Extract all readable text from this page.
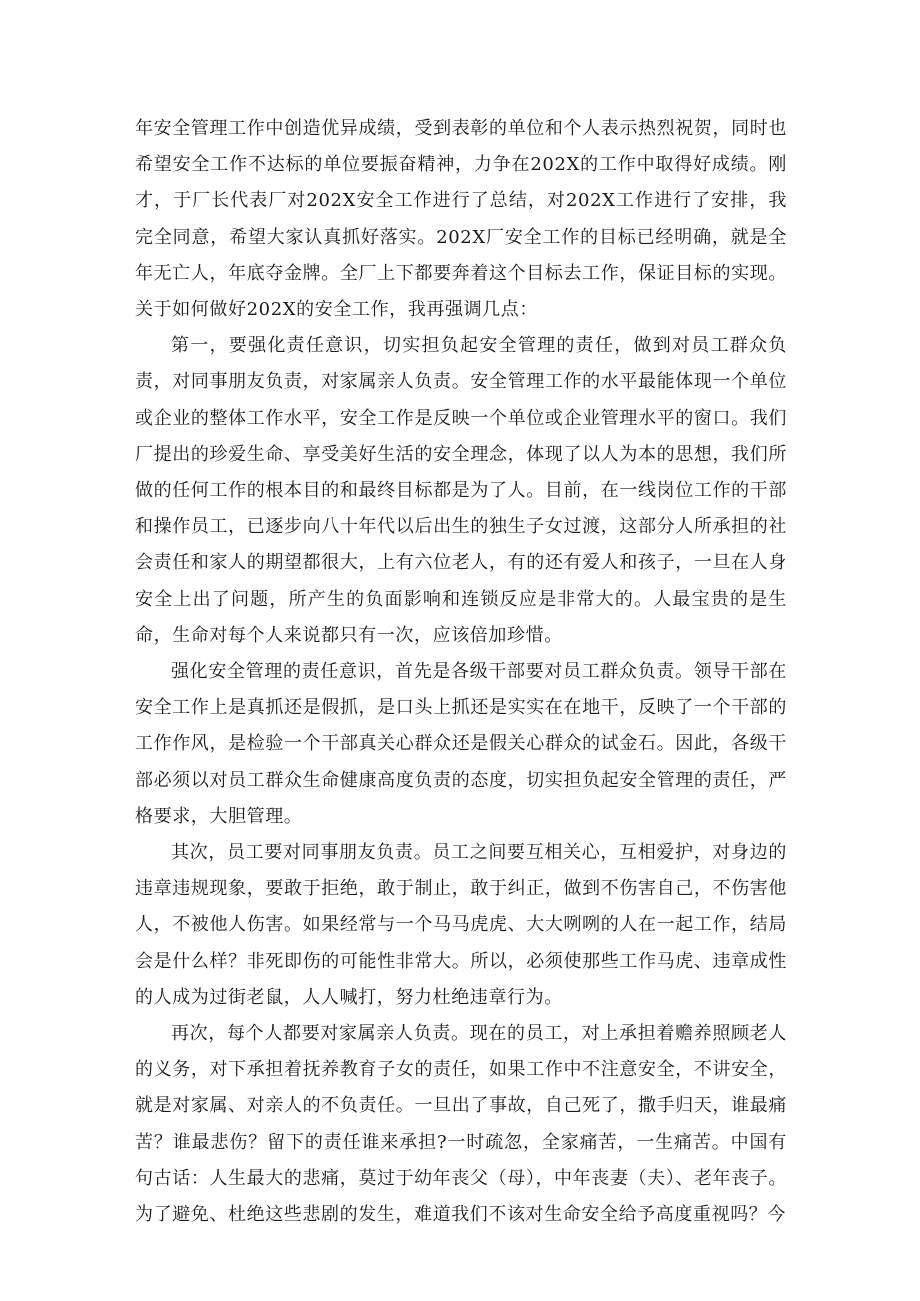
年安全管理工作中创造优异成绩，受到表彰的单位和个人表示热烈祝贺，同时也希望安全工作不达标的单位要振奋精神，力争在202X的工作中取得好成绩。刚才，于厂长代表厂对202X安全工作进行了总结，对202X工作进行了安排，我完全同意，希望大家认真抓好落实。202X厂安全工作的目标已经明确，就是全年无亡人，年底夺金牌。全厂上下都要奔着这个目标去工作，保证目标的实现。关于如何做好202X的安全工作，我再强调几点：

第一，要强化责任意识，切实担负起安全管理的责任，做到对员工群众负责，对同事朋友负责，对家属亲人负责。安全管理工作的水平最能体现一个单位或企业的整体工作水平，安全工作是反映一个单位或企业管理水平的窗口。我们厂提出的珍爱生命、享受美好生活的安全理念，体现了以人为本的思想，我们所做的任何工作的根本目的和最终目标都是为了人。目前，在一线岗位工作的干部和操作员工，已逐步向八十年代以后出生的独生子女过渡，这部分人所承担的社会责任和家人的期望都很大，上有六位老人，有的还有爱人和孩子，一旦在人身安全上出了问题，所产生的负面影响和连锁反应是非常大的。人最宝贵的是生命，生命对每个人来说都只有一次，应该倍加珍惜。

强化安全管理的责任意识，首先是各级干部要对员工群众负责。领导干部在安全工作上是真抓还是假抓，是口头上抓还是实实在在地干，反映了一个干部的工作作风，是检验一个干部真关心群众还是假关心群众的试金石。因此，各级干部必须以对员工群众生命健康高度负责的态度，切实担负起安全管理的责任，严格要求，大胆管理。

其次，员工要对同事朋友负责。员工之间要互相关心，互相爱护，对身边的违章违规现象，要敢于拒绝，敢于制止，敢于纠正，做到不伤害自己，不伤害他人，不被他人伤害。如果经常与一个马马虎虎、大大咧咧的人在一起工作，结局会是什么样？非死即伤的可能性非常大。所以，必须使那些工作马虎、违章成性的人成为过街老鼠，人人喊打，努力杜绝违章行为。

再次，每个人都要对家属亲人负责。现在的员工，对上承担着赡养照顾老人的义务，对下承担着抚养教育子女的责任，如果工作中不注意安全，不讲安全，就是对家属、对亲人的不负责任。一旦出了事故，自己死了，撒手归天，谁最痛苦？谁最悲伤？留下的责任谁来承担?一时疏忽，全家痛苦，一生痛苦。中国有句古话：人生最大的悲痛，莫过于幼年丧父（母），中年丧妻（夫）、老年丧子。为了避免、杜绝这些悲剧的发生，难道我们不该对生命安全给予高度重视吗？今
